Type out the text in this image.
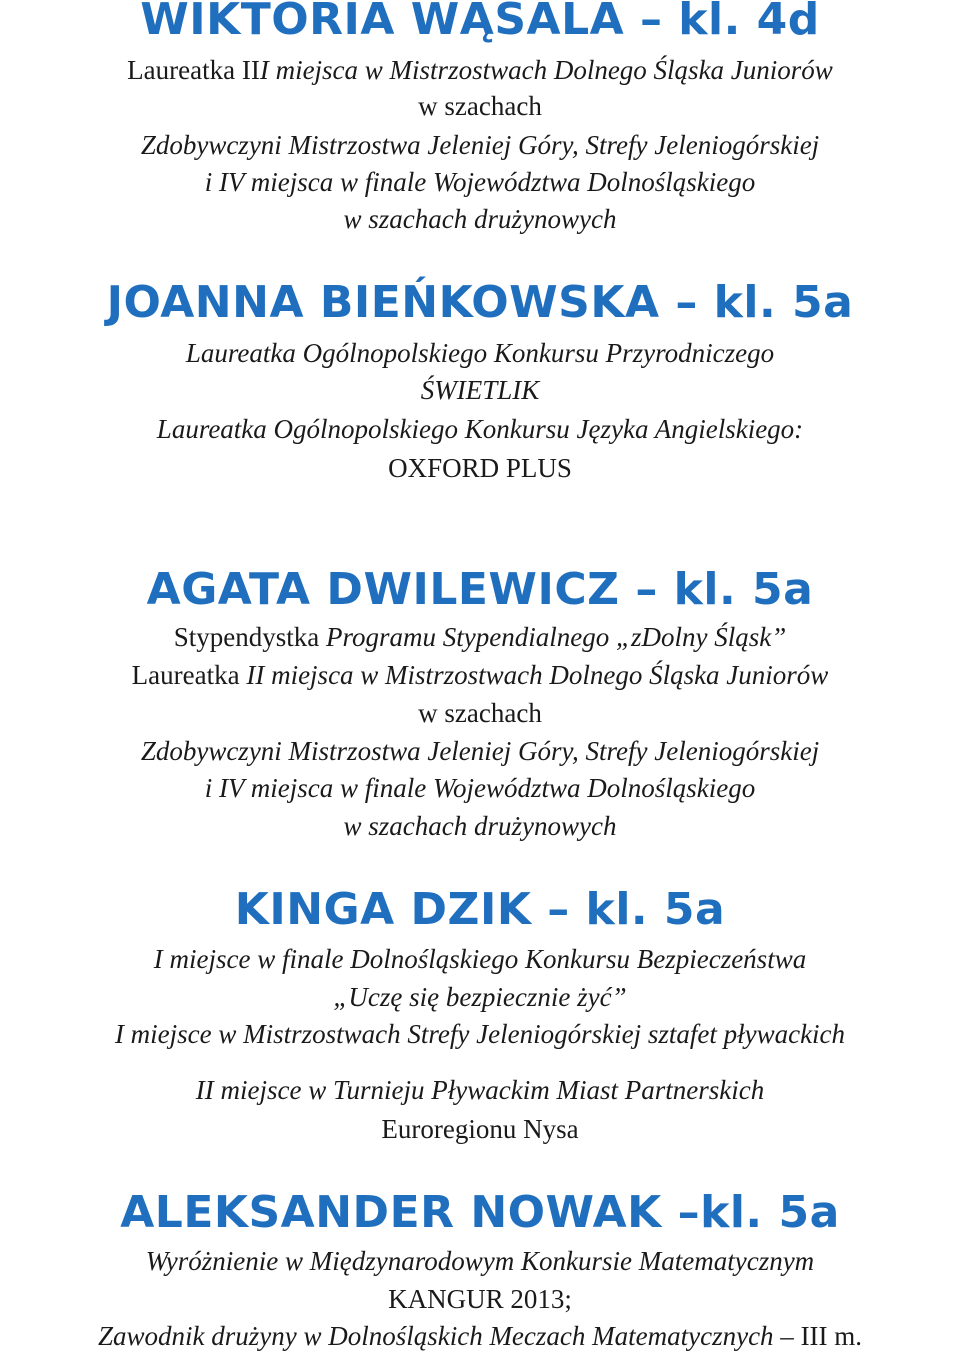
WIKTORIA WĄSALA – kl. 4d
Laureatka III miejsca w Mistrzostwach Dolnego Śląska Juniorów
w szachach
Zdobywczyni Mistrzostwa Jeleniej Góry, Strefy Jeleniogórskiej
i IV miejsca w finale Województwa Dolnośląskiego
w szachach drużynowych
JOANNA BIEŃKOWSKA – kl. 5a
Laureatka Ogólnopolskiego Konkursu Przyrodniczego
ŚWIETLIK
Laureatka Ogólnopolskiego Konkursu Języka Angielskiego:
OXFORD PLUS
AGATA DWILEWICZ – kl. 5a
Stypendystka Programu Stypendialnego „zDolny Śląsk”
Laureatka II miejsca w Mistrzostwach Dolnego Śląska Juniorów
w szachach
Zdobywczyni Mistrzostwa Jeleniej Góry, Strefy Jeleniogórskiej
i IV miejsca w finale Województwa Dolnośląskiego
w szachach drużynowych
KINGA DZIK – kl. 5a
I miejsce w finale Dolnośląskiego Konkursu Bezpieczeństwa
„Uczę się bezpiecznie żyć”
I miejsce w Mistrzostwach Strefy Jeleniogórskiej sztafet pływackich
II miejsce w Turnieju Pływackim Miast Partnerskich
Euroregionu Nysa
ALEKSANDER NOWAK –kl. 5a
Wyróżnienie w Międzynarodowym Konkursie Matematycznym
KANGUR 2013;
Zawodnik drużyny w Dolnośląskich Meczach Matematycznych – III m.
